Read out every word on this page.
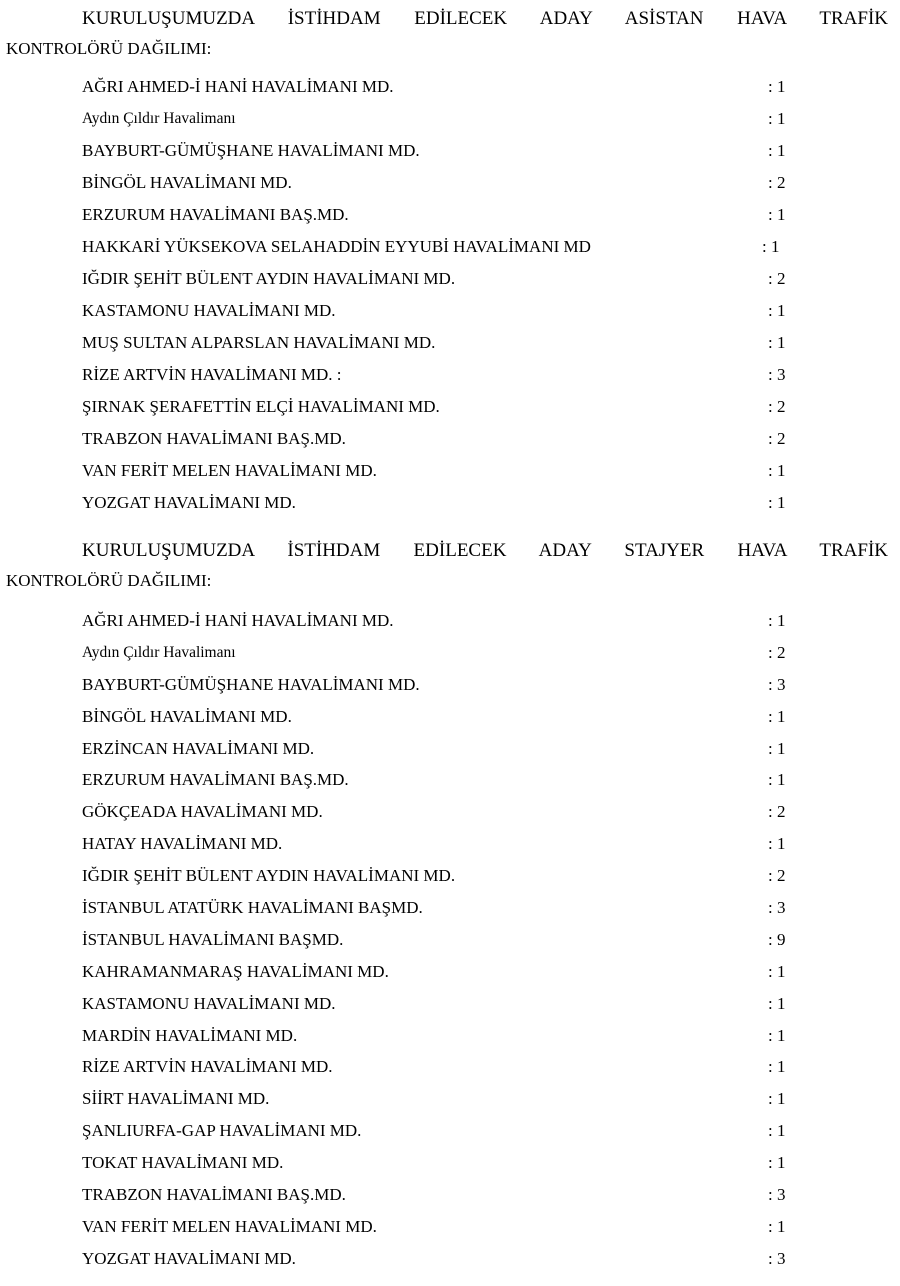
KURULUŞUMUZDA İSTİHDAM EDİLECEK ADAY ASİSTAN HAVA TRAFİK
KONTROLÖRÜ DAĞILIMI:
AĞRI AHMED-İ HANİ HAVALİMANI MD.	: 1
Aydın Çıldır Havalimanı	: 1
BAYBURT-GÜMÜŞHANE HAVALİMANI MD.	: 1
BİNGÖL HAVALİMANI MD.	: 2
ERZURUM HAVALİMANI BAŞ.MD.	: 1
HAKKARİ YÜKSEKOVA SELAHADDİN EYYUBİ HAVALİMANI MD	: 1
IĞDIR ŞEHİT BÜLENT AYDIN HAVALİMANI MD.	: 2
KASTAMONU HAVALİMANI MD.	: 1
MUŞ SULTAN ALPARSLAN HAVALİMANI MD.	: 1
RİZE ARTVİN HAVALİMANI MD. :	: 3
ŞIRNAK ŞERAFETTİN ELÇİ HAVALİMANI MD.	: 2
TRABZON HAVALİMANI BAŞ.MD.	: 2
VAN FERİT MELEN HAVALİMANI MD.	: 1
YOZGAT HAVALİMANI MD.	: 1
KURULUŞUMUZDA İSTİHDAM EDİLECEK ADAY STAJYER HAVA TRAFİK
KONTROLÖRÜ DAĞILIMI:
AĞRI AHMED-İ HANİ HAVALİMANI MD.	: 1
Aydın Çıldır Havalimanı	: 2
BAYBURT-GÜMÜŞHANE HAVALİMANI MD.	: 3
BİNGÖL HAVALİMANI MD.	: 1
ERZİNCAN HAVALİMANI MD.	: 1
ERZURUM HAVALİMANI BAŞ.MD.	: 1
GÖKÇEADA HAVALİMANI MD.	: 2
HATAY HAVALİMANI MD.	: 1
IĞDIR ŞEHİT BÜLENT AYDIN HAVALİMANI MD.	: 2
İSTANBUL ATATÜRK HAVALİMANI BAŞMD.	: 3
İSTANBUL HAVALİMANI BAŞMD.	: 9
KAHRAMANMARAŞ HAVALİMANI MD.	: 1
KASTAMONU HAVALİMANI MD.	: 1
MARDİN HAVALİMANI MD.	: 1
RİZE ARTVİN HAVALİMANI MD.	: 1
SİİRT HAVALİMANI MD.	: 1
ŞANLIURFA-GAP HAVALİMANI MD.	: 1
TOKAT HAVALİMANI MD.	: 1
TRABZON HAVALİMANI BAŞ.MD.	: 3
VAN FERİT MELEN HAVALİMANI MD.	: 1
YOZGAT HAVALİMANI MD.	: 3
